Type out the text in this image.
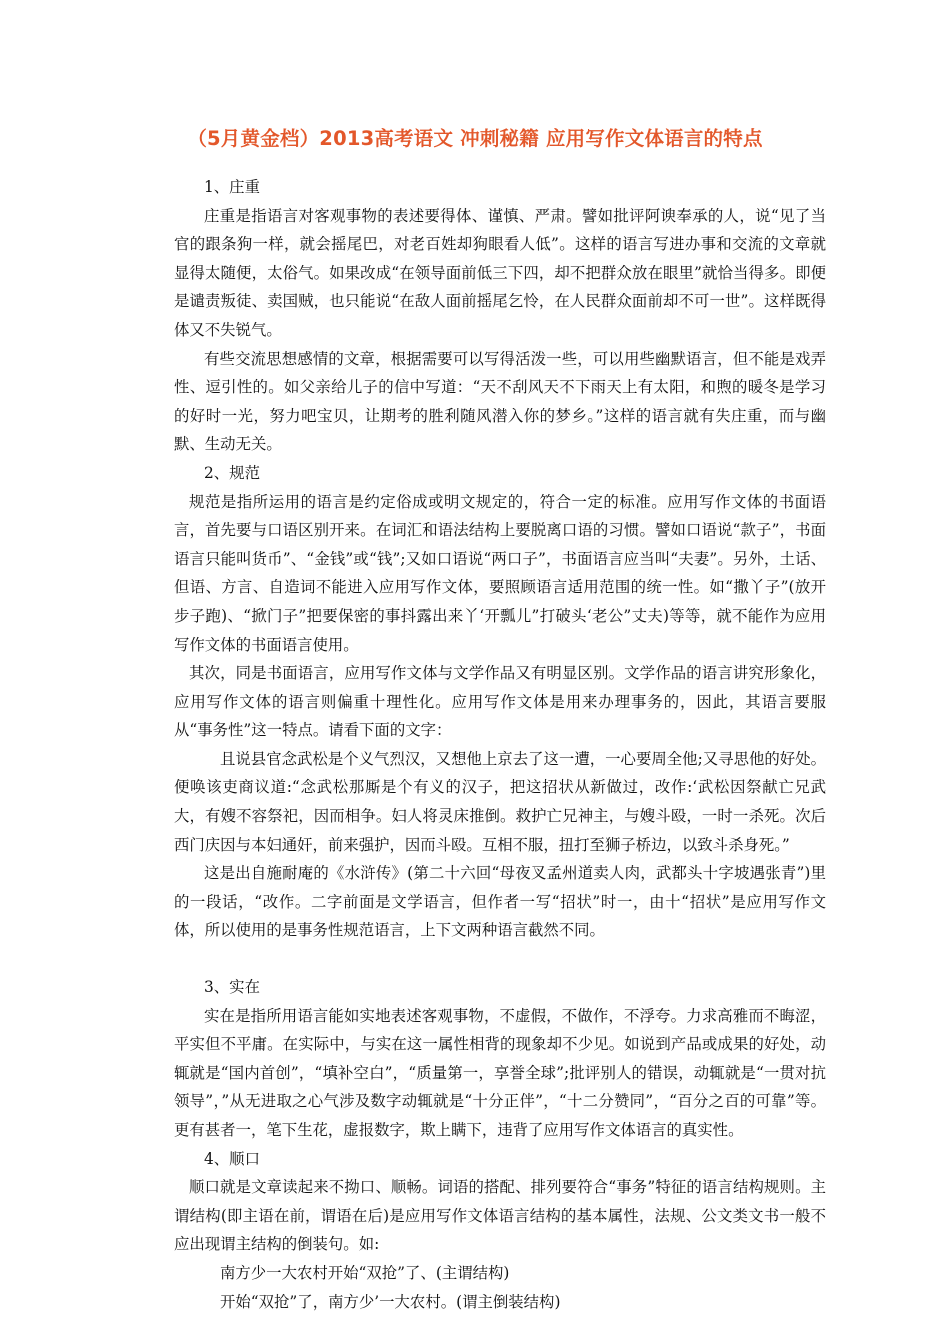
（5月黄金档）2013高考语文 冲刺秘籍 应用写作文体语言的特点

1、庄重

庄重是指语言对客观事物的表述要得体、谨慎、严肃。譬如批评阿谀奉承的人，说“见了当官的跟条狗一样，就会摇尾巴，对老百姓却狗眼看人低”。这样的语言写进办事和交流的文章就显得太随便，太俗气。如果改成“在领导面前低三下四，却不把群众放在眼里”就恰当得多。即便是谴责叛徒、卖国贼，也只能说“在敌人面前摇尾乞怜，在人民群众面前却不可一世”。这样既得体又不失锐气。

有些交流思想感情的文章，根据需要可以写得活泼一些，可以用些幽默语言，但不能是戏弄性、逗引性的。如父亲给儿子的信中写道：“天不刮风天不下雨天上有太阳，和煦的暖冬是学习的好时一光，努力吧宝贝，让期考的胜利随风潜入你的梦乡。”这样的语言就有失庄重，而与幽默、生动无关。

2、规范

规范是指所运用的语言是约定俗成或明文规定的，符合一定的标准。应用写作文体的书面语言，首先要与口语区别开来。在词汇和语法结构上要脱离口语的习惯。譬如口语说“款子”，书面语言只能叫货币”、“金钱”或“钱”;又如口语说“两口子”，书面语言应当叫“夫妻”。另外，土话、但语、方言、自造词不能进入应用写作文体，要照顾语言适用范围的统一性。如“撒丫子”(放开步子跑)、“掀门子”把要保密的事抖露出来丫‘开瓢儿”打破头‘老公”丈夫)等等，就不能作为应用写作文体的书面语言使用。

其次，同是书面语言，应用写作文体与文学作品又有明显区别。文学作品的语言讲究形象化，应用写作文体的语言则偏重十理性化。应用写作文体是用来办理事务的，因此，其语言要服从“事务性”这一特点。请看下面的文字：

且说县官念武松是个义气烈汉，又想他上京去了这一遭，一心要周全他;又寻思他的好处。便唤该吏商议道:“念武松那厮是个有义的汉子，把这招状从新做过，改作:‘武松因祭献亡兄武大，有嫂不容祭祀，因而相争。妇人将灵床推倒。救护亡兄神主，与嫂斗殴，一时一杀死。次后西门庆因与本妇通奸，前来强护，因而斗殴。互相不服，扭打至狮子桥边，以致斗杀身死。”

这是出自施耐庵的《水浒传》(第二十六回“母夜叉孟州道卖人肉，武都头十字坡遇张青”)里的一段话，“改作。二字前面是文学语言，但作者一写“招状”时一，由十“招状”是应用写作文体，所以使用的是事务性规范语言，上下文两种语言截然不同。

3、实在

实在是指所用语言能如实地表述客观事物，不虚假，不做作，不浮夸。力求高雅而不晦涩，平实但不平庸。在实际中，与实在这一属性相背的现象却不少见。如说到产品或成果的好处，动辄就是“国内首创”，“填补空白”，“质量第一，享誉全球”;批评别人的错误，动辄就是“一贯对抗领导”，”从无进取之心气涉及数字动辄就是“十分正伴”，“十二分赞同”，“百分之百的可靠”等。更有甚者一，笔下生花，虚报数字，欺上瞒下，违背了应用写作文体语言的真实性。

4、顺口

顺口就是文章读起来不拗口、顺畅。词语的搭配、排列要符合“事务”特征的语言结构规则。主谓结构(即主语在前，谓语在后)是应用写作文体语言结构的基本属性，法规、公文类文书一般不应出现谓主结构的倒装句。如:

南方少一大农村开始“双抢”了、(主谓结构)

开始“双抢”了，南方少’一大农村。(谓主倒装结构)
